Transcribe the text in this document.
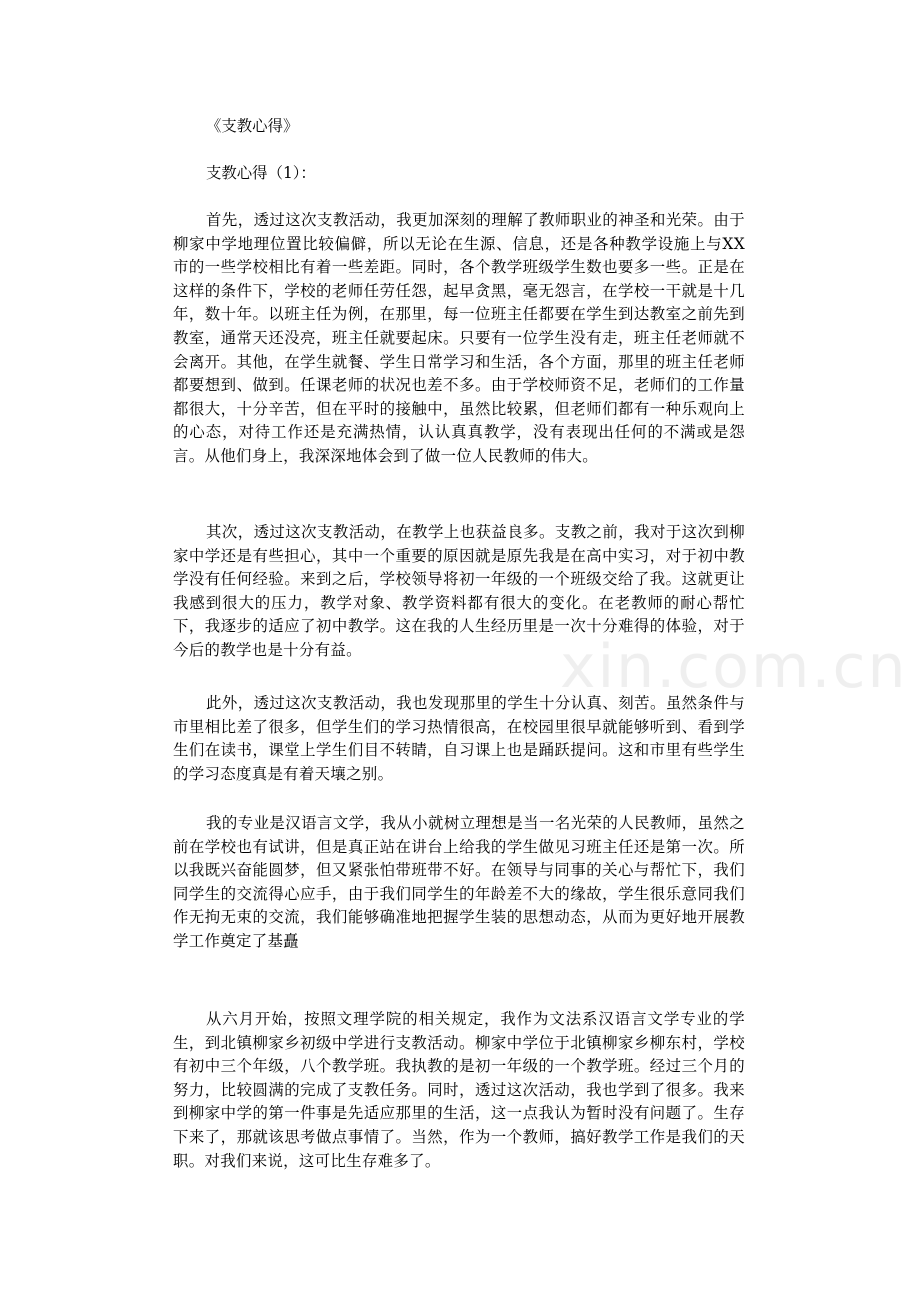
《支教心得》

支教心得（1）：

首先，透过这次支教活动，我更加深刻的理解了教师职业的神圣和光荣。由于柳家中学地理位置比较偏僻，所以无论在生源、信息，还是各种教学设施上与XX市的一些学校相比有着一些差距。同时，各个教学班级学生数也要多一些。正是在这样的条件下，学校的老师任劳任怨，起早贪黑，毫无怨言，在学校一干就是十几年，数十年。以班主任为例，在那里，每一位班主任都要在学生到达教室之前先到教室，通常天还没亮，班主任就要起床。只要有一位学生没有走，班主任老师就不会离开。其他，在学生就餐、学生日常学习和生活，各个方面，那里的班主任老师都要想到、做到。任课老师的状况也差不多。由于学校师资不足，老师们的工作量都很大，十分辛苦，但在平时的接触中，虽然比较累，但老师们都有一种乐观向上的心态，对待工作还是充满热情，认认真真教学，没有表现出任何的不满或是怨言。从他们身上，我深深地体会到了做一位人民教师的伟大。

其次，透过这次支教活动，在教学上也获益良多。支教之前，我对于这次到柳家中学还是有些担心，其中一个重要的原因就是原先我是在高中实习，对于初中教学没有任何经验。来到之后，学校领导将初一年级的一个班级交给了我。这就更让我感到很大的压力，教学对象、教学资料都有很大的变化。在老教师的耐心帮忙下，我逐步的适应了初中教学。这在我的人生经历里是一次十分难得的体验，对于今后的教学也是十分有益。

此外，透过这次支教活动，我也发现那里的学生十分认真、刻苦。虽然条件与市里相比差了很多，但学生们的学习热情很高，在校园里很早就能够听到、看到学生们在读书，课堂上学生们目不转睛，自习课上也是踊跃提问。这和市里有些学生的学习态度真是有着天壤之别。

我的专业是汉语言文学，我从小就树立理想是当一名光荣的人民教师，虽然之前在学校也有试讲，但是真正站在讲台上给我的学生做见习班主任还是第一次。所以我既兴奋能圆梦，但又紧张怕带班带不好。在领导与同事的关心与帮忙下，我们同学生的交流得心应手，由于我们同学生的年龄差不大的缘故，学生很乐意同我们作无拘无束的交流，我们能够确准地把握学生装的思想动态，从而为更好地开展教学工作奠定了基矗

从六月开始，按照文理学院的相关规定，我作为文法系汉语言文学专业的学生，到北镇柳家乡初级中学进行支教活动。柳家中学位于北镇柳家乡柳东村，学校有初中三个年级，八个教学班。我执教的是初一年级的一个教学班。经过三个月的努力，比较圆满的完成了支教任务。同时，透过这次活动，我也学到了很多。我来到柳家中学的第一件事是先适应那里的生活，这一点我认为暂时没有问题了。生存下来了，那就该思考做点事情了。当然，作为一个教师，搞好教学工作是我们的天职。对我们来说，这可比生存难多了。

xin.com.cn
